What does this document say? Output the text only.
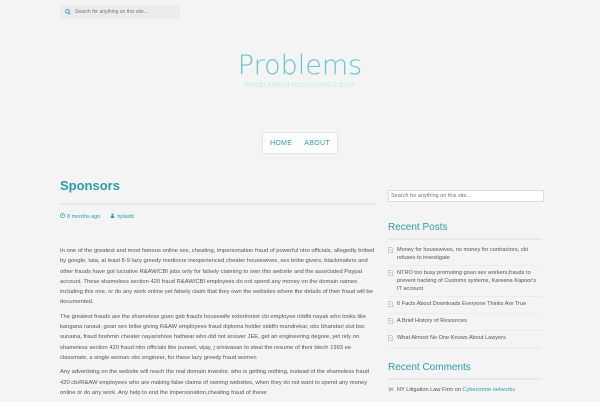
Search for anything on this site...
Problems
PROBLEMSOFHOUSEWIVES.COM
HOME ABOUT
Sponsors
8 months ago	hpladd

In one of the greatest and most famous online sex, cheating, impersonation fraud of powerful ntro officials, allegedly bribed by google, tata, at least 8-9 lazy greedy mediocre inexperienced cheater housewives, sex bribe givers, blackmailers and other frauds have got lucrative R&AW/CBI jobs only for falsely claiming to own this website and the associated Paypal account. These shameless section 420 fraud R&AW/CBI employees do not spend any money on the domain names including this one, or do any work online yet falsely claim that they own the websites where the details of their fraud will be documented.

The greatest frauds are the shameless goan gsb frauds housewife extortionist cbi employee riddhi nayak who looks like kangana ranaut, goan sex bribe giving R&AW employees fraud diploma holder siddhi mandrekar, obc bhandari slut bsc sunaina, fraud brahmin cheater nayanshree hathwar who did not answer JEE, get an engineering degree, yet rely on shameless section 420 fraud ntro officials like puneet, vijay, j srinivasan to steal the resume of their btech 1993 ee classmate, a single woman obc engineer, for these lazy greedy fraud women

Any advertising on the website will reach the real domain investor, who is getting nothing, instead of the shameless fraud 420 cbi/R&AW employees who are making false claims of owning websites, when they do not want to spend any money online or do any work. Any help to end the impersonation,cheating fraud of these

Search for anything on this site...
Recent Posts
Money for housewives, no money for contractors, cbi refuses to investigate
NTRO too busy promoting goan sex workers,frauds to prevent hacking of Customs systems, Kareena Kapoor's IT account
6 Facts About Downloads Everyone Thinks Are True
A Brief History of Resources
What Almost No One Knows About Lawyers
Recent Comments
NY Litigation Law Firm on Cybercrime networks
